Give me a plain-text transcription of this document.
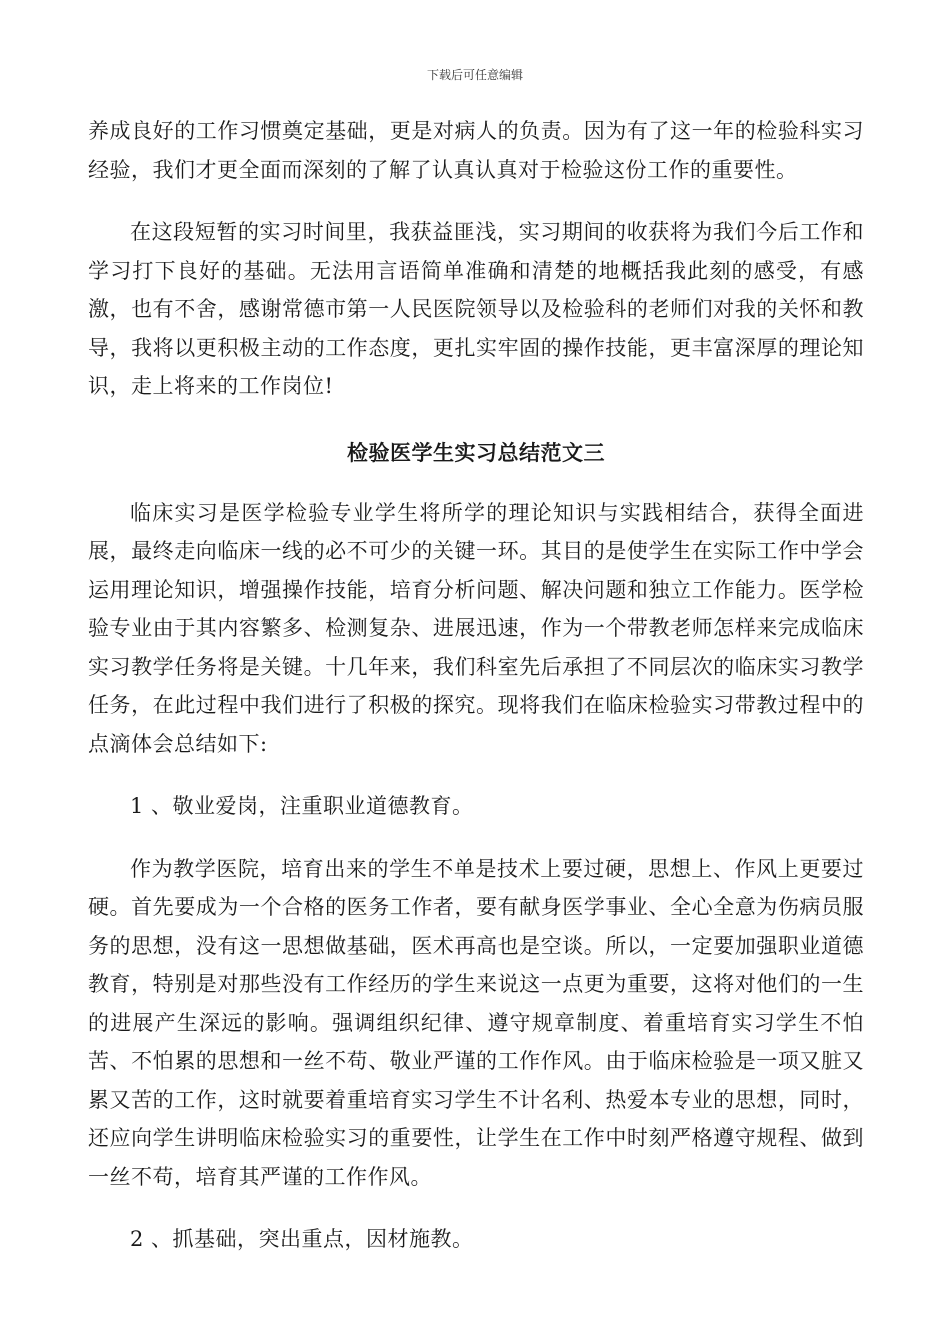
下载后可任意编辑

养成良好的工作习惯奠定基础，更是对病人的负责。因为有了这一年的检验科实习经验，我们才更全面而深刻的了解了认真认真对于检验这份工作的重要性。

在这段短暂的实习时间里，我获益匪浅，实习期间的收获将为我们今后工作和学习打下良好的基础。无法用言语简单准确和清楚的地概括我此刻的感受，有感激，也有不舍，感谢常德市第一人民医院领导以及检验科的老师们对我的关怀和教导，我将以更积极主动的工作态度，更扎实牢固的操作技能，更丰富深厚的理论知识，走上将来的工作岗位!

检验医学生实习总结范文三

临床实习是医学检验专业学生将所学的理论知识与实践相结合，获得全面进展，最终走向临床一线的必不可少的关键一环。其目的是使学生在实际工作中学会运用理论知识，增强操作技能，培育分析问题、解决问题和独立工作能力。医学检验专业由于其内容繁多、检测复杂、进展迅速，作为一个带教老师怎样来完成临床实习教学任务将是关键。十几年来，我们科室先后承担了不同层次的临床实习教学任务，在此过程中我们进行了积极的探究。现将我们在临床检验实习带教过程中的点滴体会总结如下:

1 、敬业爱岗，注重职业道德教育。

作为教学医院，培育出来的学生不单是技术上要过硬，思想上、作风上更要过硬。首先要成为一个合格的医务工作者，要有献身医学事业、全心全意为伤病员服务的思想，没有这一思想做基础，医术再高也是空谈。所以，一定要加强职业道德教育，特别是对那些没有工作经历的学生来说这一点更为重要，这将对他们的一生的进展产生深远的影响。强调组织纪律、遵守规章制度、着重培育实习学生不怕苦、不怕累的思想和一丝不苟、敬业严谨的工作作风。由于临床检验是一项又脏又累又苦的工作，这时就要着重培育实习学生不计名利、热爱本专业的思想，同时，还应向学生讲明临床检验实习的重要性，让学生在工作中时刻严格遵守规程、做到一丝不苟，培育其严谨的工作作风。

2 、抓基础，突出重点，因材施教。
